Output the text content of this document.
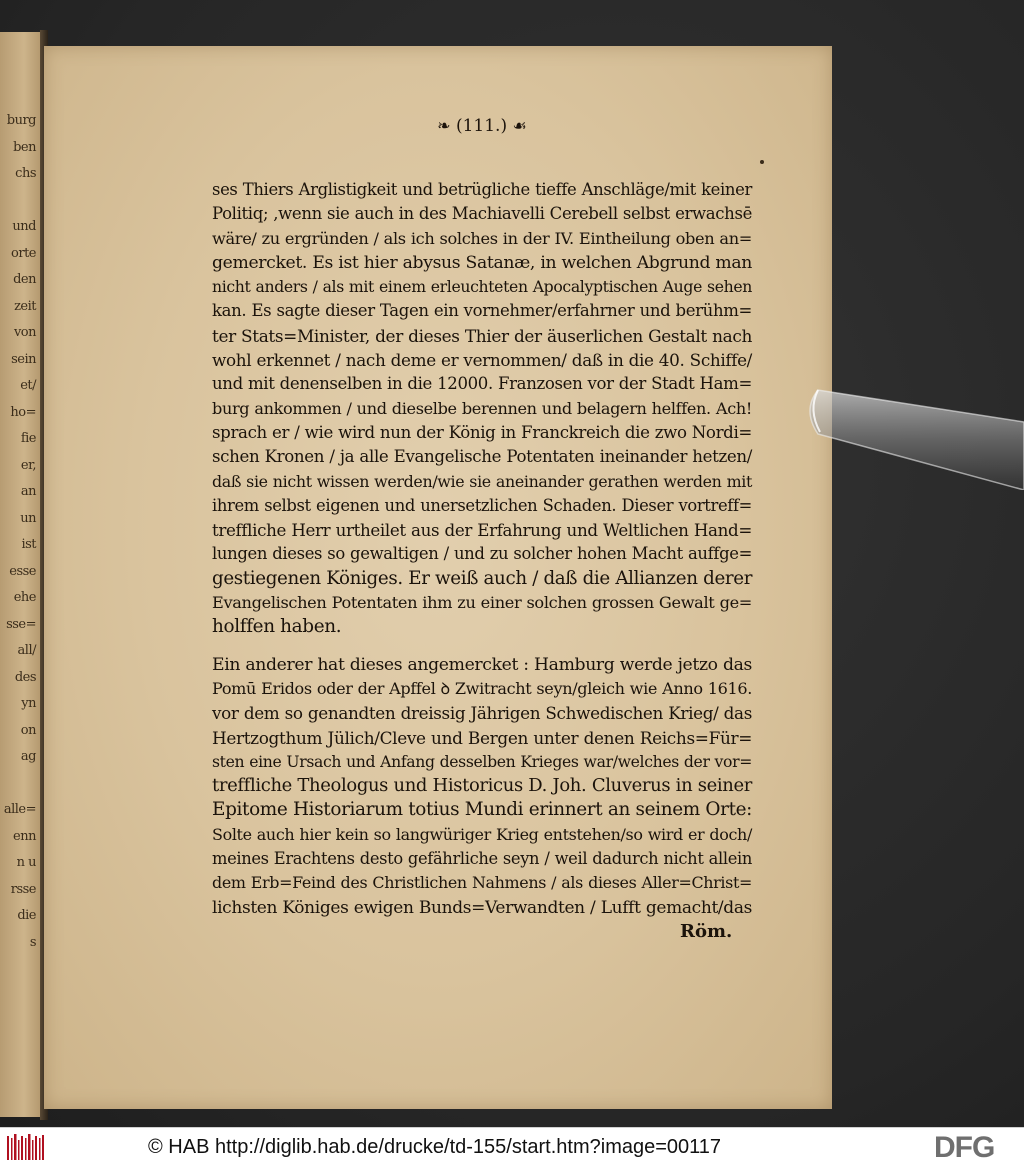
burg
ben
chs
und
orte
den
zeit
von
sein
et/
ho=
fie
er,
an
un
ist
esse
ehe
sse=
all/
des
yn
on
ag
alle=
enn
n u
rsse
die
s
❧ (111.) ☙
ses Thiers Arglistigkeit und betrügliche tieffe Anschläge/mit keiner
Politiq; ,wenn sie auch in des Machiavelli Cerebell selbst erwachsē
wäre/ zu ergründen / als ich solches in der IV. Eintheilung oben an=
gemercket. Es ist hier abysus Satanæ, in welchen Abgrund man
nicht anders / als mit einem erleuchteten Apocalyptischen Auge sehen
kan. Es sagte dieser Tagen ein vornehmer/erfahrner und berühm=
ter Stats=Minister, der dieses Thier der äuserlichen Gestalt nach
wohl erkennet / nach deme er vernommen/ daß in die 40. Schiffe/
und mit denenselben in die 12000. Franzosen vor der Stadt Ham=
burg ankommen / und dieselbe berennen und belagern helffen. Ach!
sprach er / wie wird nun der König in Franckreich die zwo Nordi=
schen Kronen / ja alle Evangelische Potentaten ineinander hetzen/
daß sie nicht wissen werden/wie sie aneinander gerathen werden mit
ihrem selbst eigenen und unersetzlichen Schaden. Dieser vortreff=
treffliche Herr urtheilet aus der Erfahrung und Weltlichen Hand=
lungen dieses so gewaltigen / und zu solcher hohen Macht auffge=
gestiegenen Königes. Er weiß auch / daß die Allianzen derer
Evangelischen Potentaten ihm zu einer solchen grossen Gewalt ge=
holffen haben.
Ein anderer hat dieses angemercket : Hamburg werde jetzo das
Pomū Eridos oder der Apffel ꝺ Zwitracht seyn/gleich wie Anno 1616.
vor dem so genandten dreissig Jährigen Schwedischen Krieg/ das
Hertzogthum Jülich/Cleve und Bergen unter denen Reichs=Für=
sten eine Ursach und Anfang desselben Krieges war/welches der vor=
treffliche Theologus und Historicus D. Joh. Cluverus in seiner
Epitome Historiarum totius Mundi erinnert an seinem Orte:
Solte auch hier kein so langwüriger Krieg entstehen/so wird er doch/
meines Erachtens desto gefährliche seyn / weil dadurch nicht allein
dem Erb=Feind des Christlichen Nahmens / als dieses Aller=Christ=
lichsten Königes ewigen Bunds=Verwandten / Lufft gemacht/das
Röm.
© HAB http://diglib.hab.de/drucke/td-155/start.htm?image=00117	DFG
